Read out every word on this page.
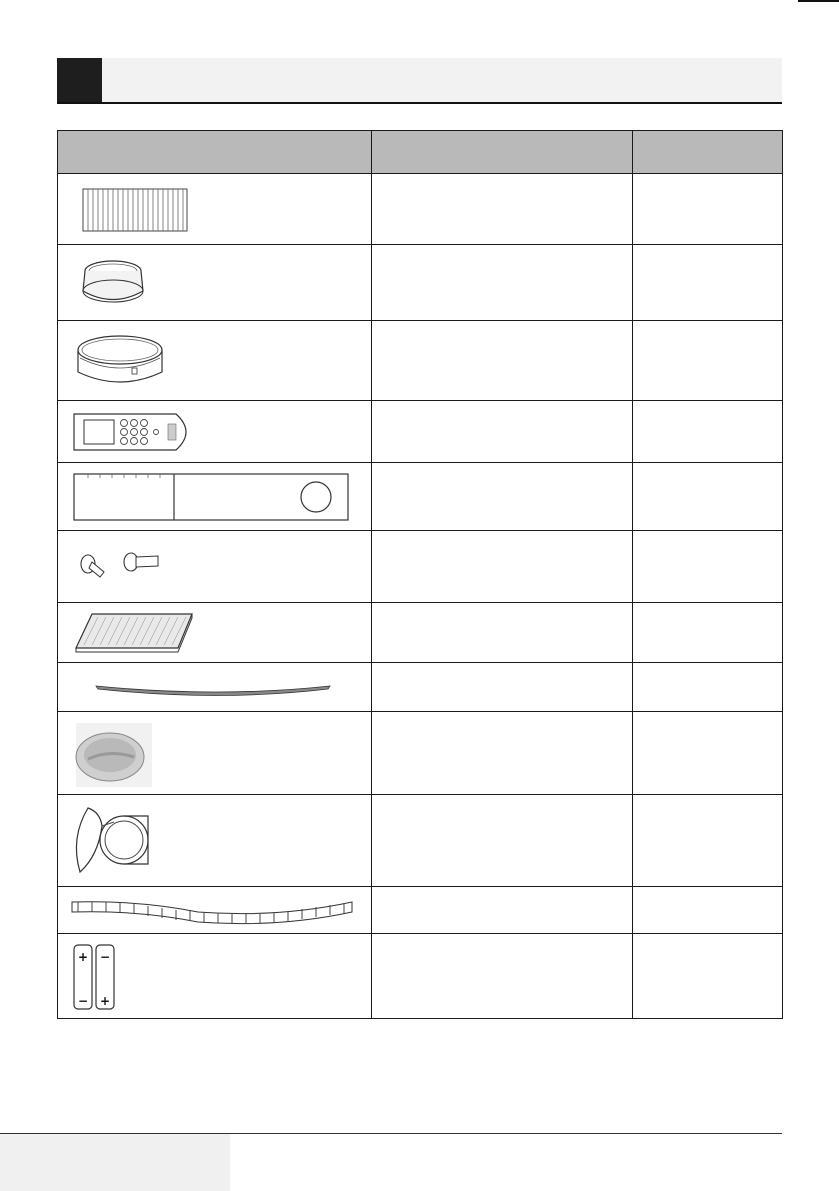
+
−
−
+		
